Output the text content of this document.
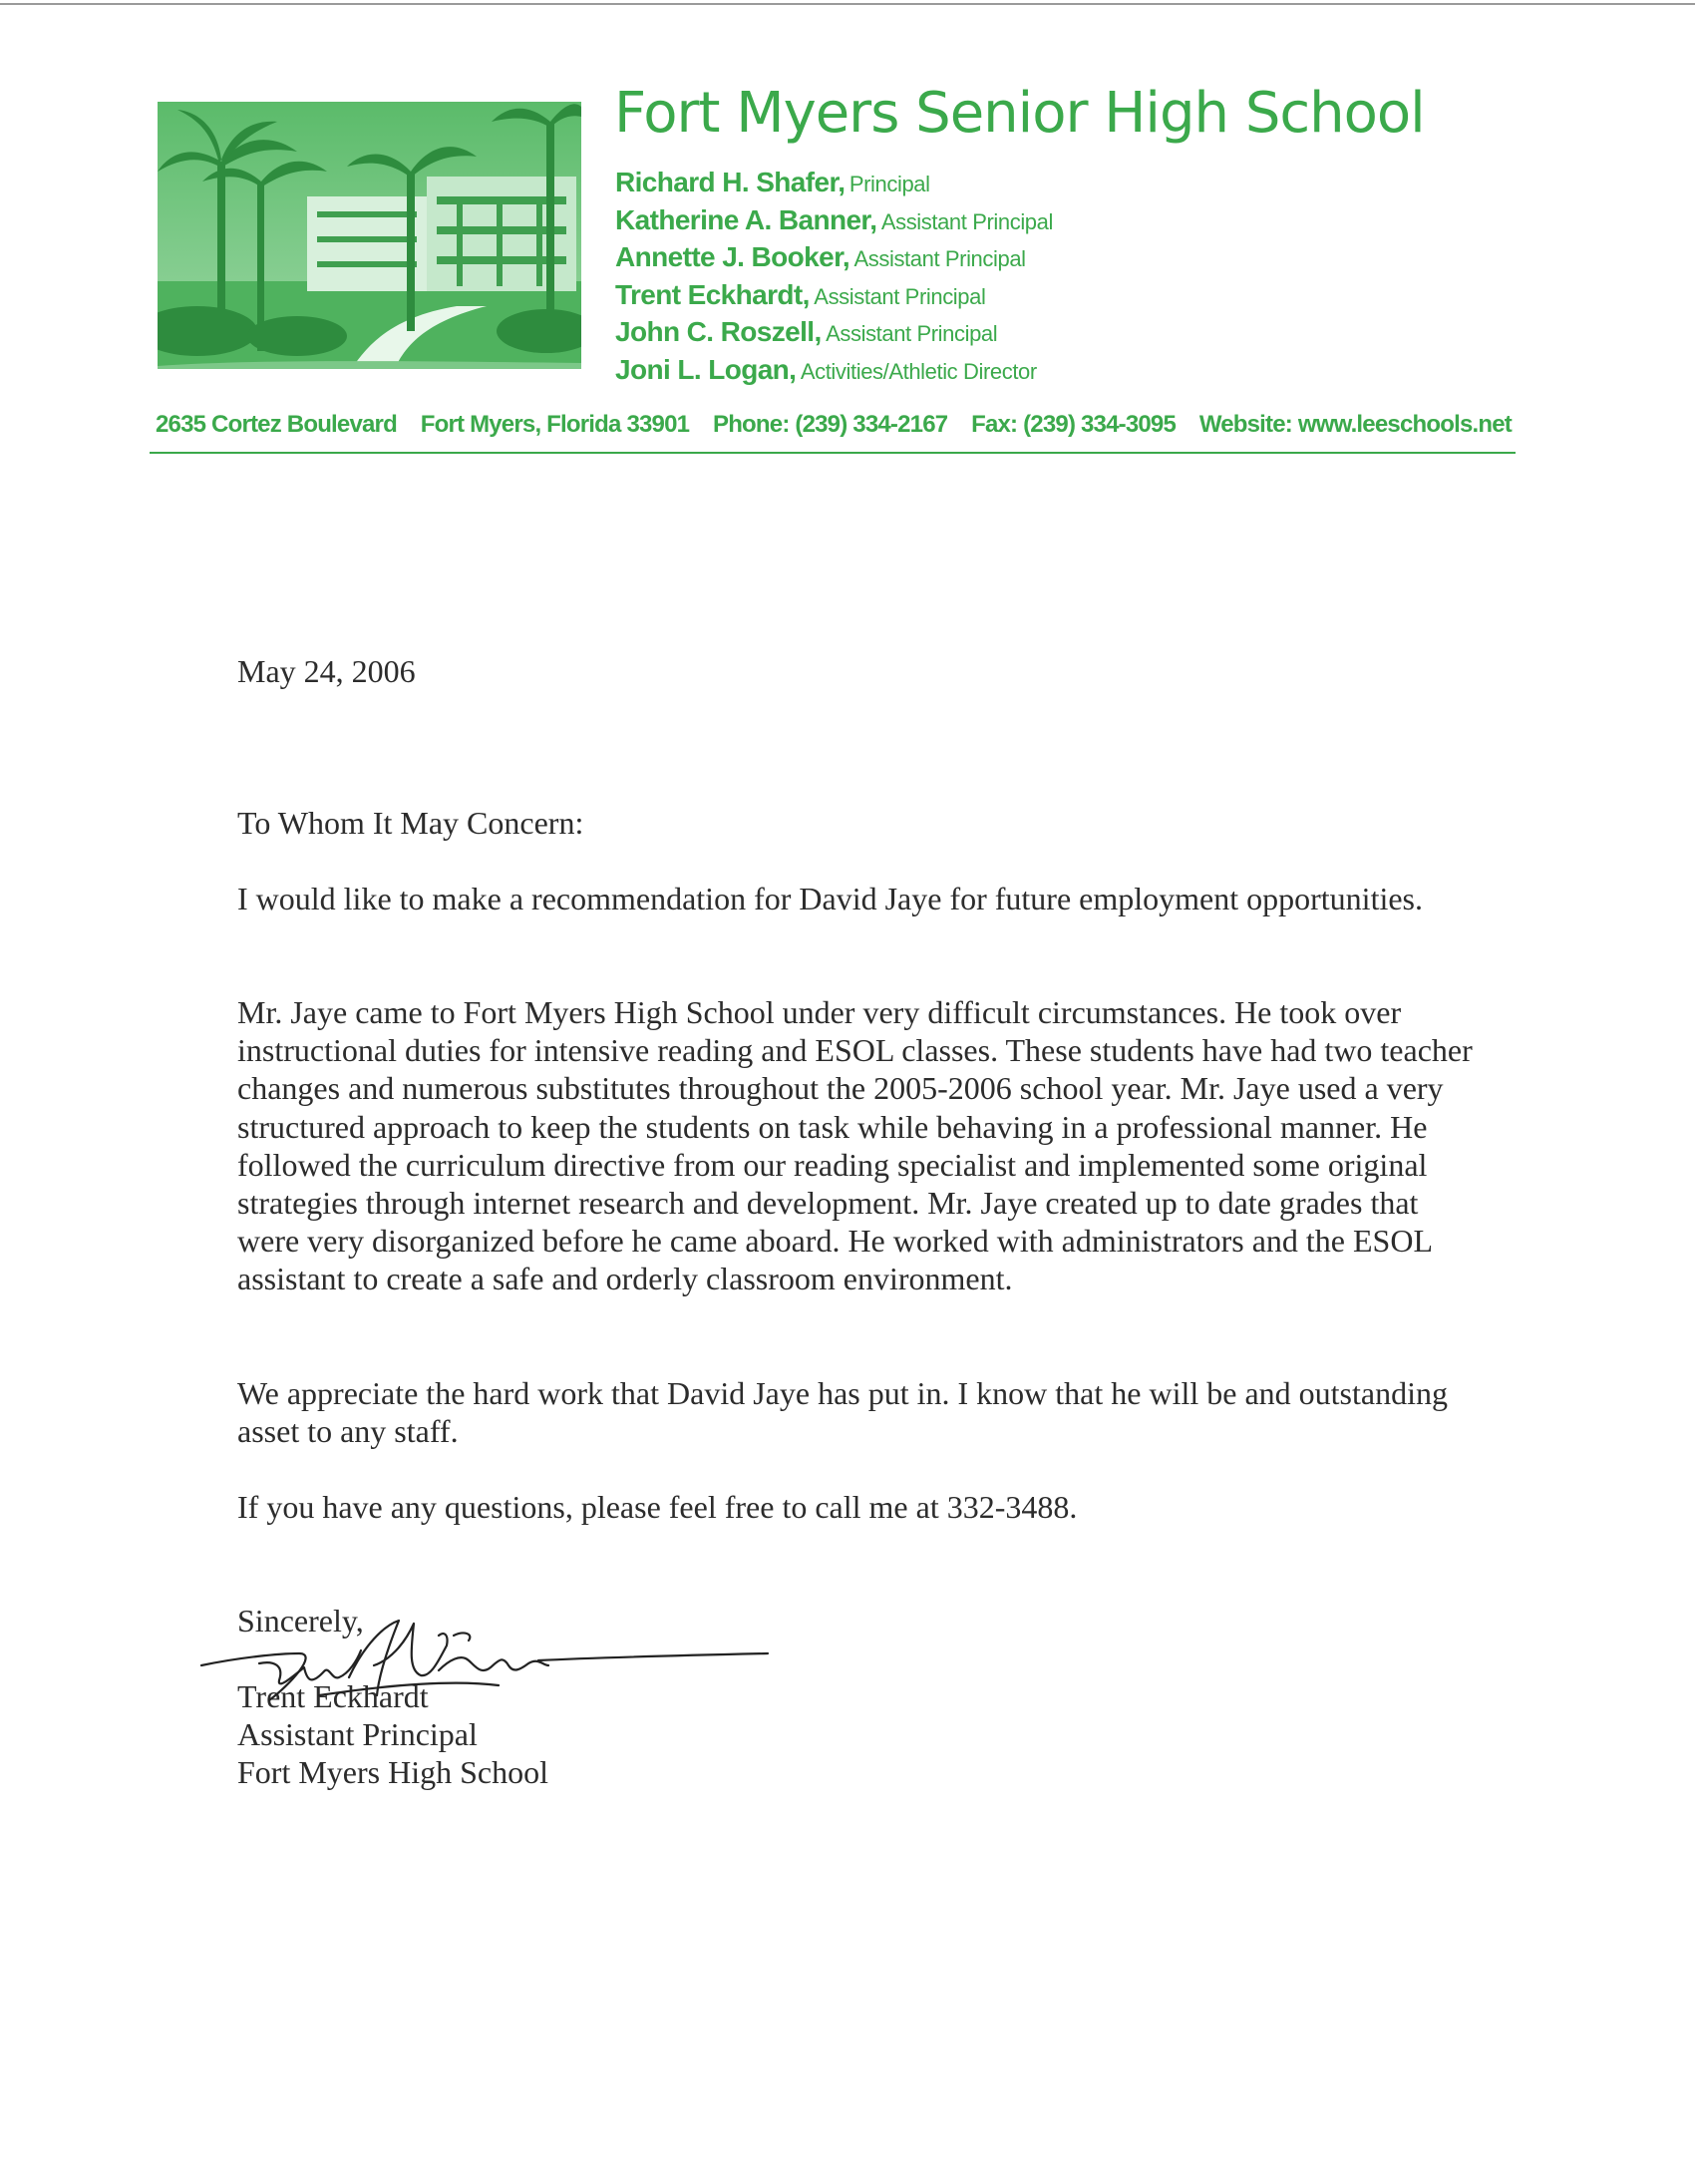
Fort Myers Senior High School
Richard H. Shafer, Principal
Katherine A. Banner, Assistant Principal
Annette J. Booker, Assistant Principal
Trent Eckhardt, Assistant Principal
John C. Roszell, Assistant Principal
Joni L. Logan, Activities/Athletic Director
2635 Cortez Boulevard Fort Myers, Florida 33901 Phone: (239) 334-2167 Fax: (239) 334-3095 Website: www.leeschools.net
May 24, 2006
To Whom It May Concern:

I would like to make a recommendation for David Jaye for future employment opportunities.

Mr. Jaye came to Fort Myers High School under very difficult circumstances. He took over instructional duties for intensive reading and ESOL classes. These students have had two teacher changes and numerous substitutes throughout the 2005-2006 school year. Mr. Jaye used a very structured approach to keep the students on task while behaving in a professional manner. He followed the curriculum directive from our reading specialist and implemented some original strategies through internet research and development. Mr. Jaye created up to date grades that were very disorganized before he came aboard. He worked with administrators and the ESOL assistant to create a safe and orderly classroom environment.

We appreciate the hard work that David Jaye has put in. I know that he will be and outstanding asset to any staff.

If you have any questions, please feel free to call me at 332-3488.

Sincerely,
Trent Eckhardt
Assistant Principal
Fort Myers High School
